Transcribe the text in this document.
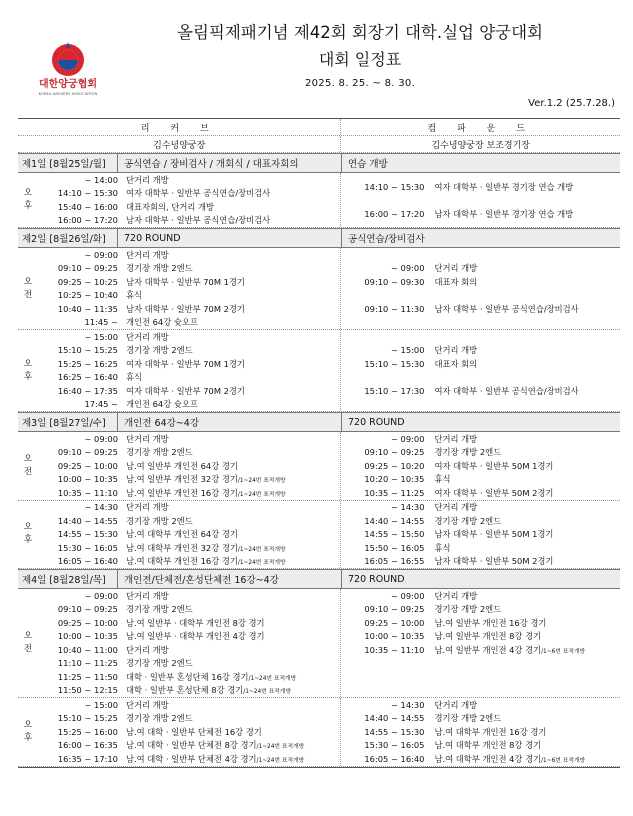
대한양궁협회
KOREA ARCHERY ASSOCIATION
올림픽제패기념 제42회 회장기 대학.실업 양궁대회
대회 일정표
2025. 8. 25. ~ 8. 30.
Ver.1.2 (25.7.28.)
리 커 브	컴 파 운 드
김수녕양궁장	김수녕양궁장 보조경기장
제1일 [8월25일/월]	공식연습 / 장비검사 / 개회식 / 대표자회의	연습 개방
오
후
~ 14:00 단거리 개방
14:10 ~ 15:30 여자 대학부 · 일반부 공식연습/장비검사
15:40 ~ 16:00 대표자회의, 단거리 개방
16:00 ~ 17:20 남자 대학부 · 일반부 공식연습/장비검사
14:10 ~ 15:30	여자 대학부 · 일반부 경기장 연습 개방
16:00 ~ 17:20	남자 대학부 · 일반부 경기장 연습 개방
제2일 [8월26일/화]	720 ROUND	공식연습/장비검사
오
전
~ 09:00 단거리 개방
09:10 ~ 09:25 경기장 개방 2엔드
09:25 ~ 10:25 남자 대학부 · 일반부 70M 1경기
10:25 ~ 10:40 휴식
10:40 ~ 11:35 남자 대학부 · 일반부 70M 2경기
11:45 ~ 개인전 64강 슛오프
~ 09:00	단거리 개방
09:10 ~ 09:30	대표자 회의
09:10 ~ 11:30	남자 대학부 · 일반부 공식연습/장비검사
오
후
~ 15:00 단거리 개방
15:10 ~ 15:25 경기장 개방 2엔드
15:25 ~ 16:25 여자 대학부 · 일반부 70M 1경기
16:25 ~ 16:40 휴식
16:40 ~ 17:35 여자 대학부 · 일반부 70M 2경기
17:45 ~ 개인전 64강 슛오프
~ 15:00	단거리 개방
15:10 ~ 15:30	대표자 회의
15:10 ~ 17:30	여자 대학부 · 일반부 공식연습/장비검사
제3일 [8월27일/수]	개인전 64강~4강	720 ROUND
오
전
~ 09:00 단거리 개방
09:10 ~ 09:25 경기장 개방 2엔드
09:25 ~ 10:00 남.여 일반부 개인전 64강 경기
10:00 ~ 10:35 남.여 일반부 개인전 32강 경기/1~24번 표적개방
10:35 ~ 11:10 남.여 일반부 개인전 16강 경기/1~24번 표적개방
~ 09:00	단거리 개방
09:10 ~ 09:25	경기장 개방 2엔드
09:25 ~ 10:20	여자 대학부 · 일반부 50M 1경기
10:20 ~ 10:35	휴식
10:35 ~ 11:25	여자 대학부 · 일반부 50M 2경기
오
후
~ 14:30 단거리 개방
14:40 ~ 14:55 경기장 개방 2엔드
14:55 ~ 15:30 남.여 대학부 개인전 64강 경기
15:30 ~ 16:05 남.여 대학부 개인전 32강 경기/1~24번 표적개방
16:05 ~ 16:40 남.여 대학부 개인전 16강 경기/1~24번 표적개방
~ 14:30	단거리 개방
14:40 ~ 14:55	경기장 개방 2엔드
14:55 ~ 15:50	남자 대학부 · 일반부 50M 1경기
15:50 ~ 16:05	휴식
16:05 ~ 16:55	남자 대학부 · 일반부 50M 2경기
제4일 [8월28일/목]	개인전/단체전/혼성단체전 16강~4강	720 ROUND
오
전
~ 09:00 단거리 개방
09:10 ~ 09:25 경기장 개방 2엔드
09:25 ~ 10:00 남.여 일반부 · 대학부 개인전 8강 경기
10:00 ~ 10:35 남.여 일반부 · 대학부 개인전 4강 경기
10:40 ~ 11:00 단거리 개방
11:10 ~ 11:25 경기장 개방 2엔드
11:25 ~ 11:50 대학 · 일반부 혼성단체 16강 경기/1~24번 표적개방
11:50 ~ 12:15 대학 · 일반부 혼성단체 8강 경기/1~24번 표적개방
~ 09:00	단거리 개방
09:10 ~ 09:25	경기장 개방 2엔드
09:25 ~ 10:00	남.여 일반부 개인전 16강 경기
10:00 ~ 10:35	남.여 일반부 개인전 8강 경기
10:35 ~ 11:10	남.여 일반부 개인전 4강 경기/1~6번 표적개방
오
후
~ 15:00 단거리 개방
15:10 ~ 15:25 경기장 개방 2엔드
15:25 ~ 16:00 남.여 대학 · 일반부 단체전 16강 경기
16:00 ~ 16:35 남.여 대학 · 일반부 단체전 8강 경기/1~24번 표적개방
16:35 ~ 17:10 남.여 대학 · 일반부 단체전 4강 경기/1~24번 표적개방
~ 14:30	단거리 개방
14:40 ~ 14:55	경기장 개방 2엔드
14:55 ~ 15:30	남.여 대학부 개인전 16강 경기
15:30 ~ 16:05	남.여 대학부 개인전 8강 경기
16:05 ~ 16:40	남.여 대학부 개인전 4강 경기/1~6번 표적개방
